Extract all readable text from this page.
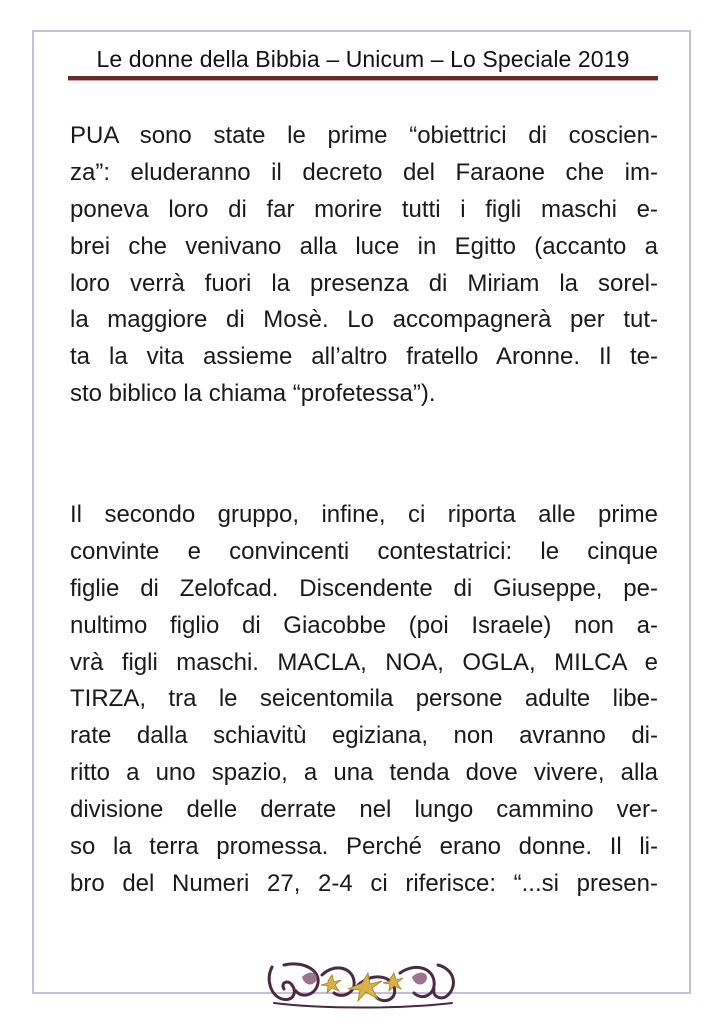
Le donne della Bibbia – Unicum – Lo Speciale 2019
PUA sono state le prime “obiettrici di coscien-
za”: eluderanno il decreto del Faraone che im-
poneva loro di far morire tutti i figli maschi e-
brei che venivano alla luce in Egitto (accanto a
loro verrà fuori la presenza di Miriam la sorel-
la maggiore di Mosè. Lo accompagnerà per tut-
ta la vita assieme all’altro fratello Aronne. Il te-
sto biblico la chiama “profetessa”).
Il secondo gruppo, infine, ci riporta alle prime
convinte e convincenti contestatrici: le cinque
figlie di Zelofcad. Discendente di Giuseppe, pe-
nultimo figlio di Giacobbe (poi Israele) non a-
vrà figli maschi. MACLA, NOA, OGLA, MILCA e
TIRZA, tra le seicentomila persone adulte libe-
rate dalla schiavitù egiziana, non avranno di-
ritto a uno spazio, a una tenda dove vivere, alla
divisione delle derrate nel lungo cammino ver-
so la terra promessa. Perché erano donne. Il li-
bro del Numeri 27, 2-4 ci riferisce: “...si presen-
